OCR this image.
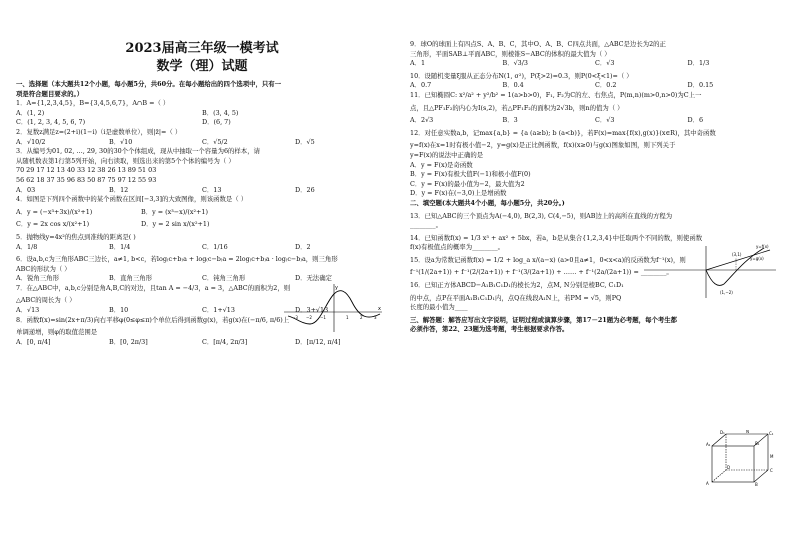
2023届高三年级一模考试
数学（理）试题
一、选择题（本大题共12个小题，每小题5分，共60分。在每小题给出的四个选项中，只有一
项是符合题目要求的。）
1．A={1,2,3,4,5}，B={3,4,5,6,7}，A∩B =（ ）
A．(1, 2)	B．(3, 4, 5)
C．(1, 2, 3, 4, 5, 6, 7)	D．(6, 7)
2．复数z满足z=(2+i)(1−i)（i是虚数单位），则|z̄|=（ ）
A．√10/2	B．√10	C．√5/2	D．√5
3．从编号为01, 02, …, 29, 30的30个个体组成，现从中抽取一个容量为6的样本，请
从随机数表第1行第5列开始，向右读取，则选出来的第5个个体的编号为（ ）
70 29 17 12 13 40 33 12 38 26 13 89 51 03
56 62 18 37 35 96 83 50 87 75 97 12 55 93
A．03	B．12	C．13	D．26
4．如图是下列四个函数中的某个函数在区间[−3,3]的大致图像，则该函数是（ ）
A．y = (−x³+3x)/(x²+1)	B．y = (x³−x)/(x²+1)
C．y = 2x cos x/(x²+1)	D．y = 2 sin x/(x²+1)
5．抛物线y=4x²的焦点到准线的距离是( )
A．1/8	B．1/4	C．1/16	D．2
6．设a,b,c为三角形ABC三边长，a≠1, b<c，若log₍c+b₎a + log₍c−b₎a = 2log₍c+b₎a · log₍c−b₎a，则三角形
ABC的形状为（ ）
A．锐角三角形	B．直角三角形	C．钝角三角形	D．无法确定
7．在△ABC中，a,b,c分别是角A,B,C的对边，且tan A = −4/3，a = 3，△ABC的面积为2，则
△ABC的周长为（ ）
A．√13	B．10	C．1+√13	D．3+√13
8．函数f(x)=sin(2x+π/3)向右平移φ(0≤φ≤π)个单位后得到函数g(x)，若g(x)在(−π/6, π/6)上
单调递增，则φ的取值范围是
A．[0, π/4]	B．[0, 2π/3]	C．[π/4, 2π/3]	D．[π/12, π/4]
9．球O的球面上有四点S、A、B、C，其中O、A、B、C四点共面，△ABC是边长为2的正
三角形，平面SAB⊥平面ABC，则棱锥S−ABC的体积的最大值为（ ）
A．1	B．√3/3	C．√3	D．1/3
10．设随机变量ξ服从正态分布N(1, σ²)，P(ξ>2)=0.3，则P(0<ξ<1)=（ ）
A．0.7	B．0.4	C．0.2	D．0.15
11．已知椭圆C: x²/a² + y²/b² = 1(a>b>0)，F₁, F₂为C的左、右焦点，P(m,n)(m>0,n>0)为C上一
点，且△PF₁F₂的内心为I(s,2)，若△PF₁F₂的面积为2√3b，则n的值为（ ）
A．2√3	B．3	C．√3	D．6
12．对任意实数a,b，记max{a,b} = {a (a≥b); b (a<b)}，若F(x)=max{f(x),g(x)}(x∈R)，其中奇函数
y=f(x)在x=1时有极小值−2，y=g(x)是正比例函数，f(x)(x≥0)与g(x)图象如图，则下列关于
y=F(x)的说法中正确的是
A．y = F(x)是奇函数
B．y = F(x)有极大值F(−1)和极小值F(0)
C．y = F(x)的最小值为−2，最大值为2
D．y = F(x)在(−3,0)上是增函数
二、填空题(本大题共4个小题，每小题5分，共20分。)
13．已知△ABC的三个顶点为A(−4,0), B(2,3), C(4,−5)，则AB边上的高所在直线的方程为
________。
14．已知函数f(x) = 1/3 x³ + ax² + 5bx，若a，b是从集合{1,2,3,4}中任取两个不同的数，则使函数
f(x)有极值点的概率为________。
15．设a为常数记函数f(x) = 1/2 + log_a x/(a−x) (a>0且a≠1，0<x<a)的反函数为f⁻¹(x)，则
f⁻¹(1/(2a+1)) + f⁻¹(2/(2a+1)) + f⁻¹(3/(2a+1)) + …… + f⁻¹(2a/(2a+1)) = ________。
16．已知正方体ABCD−A₁B₁C₁D₁的棱长为2，点M, N分别是棱BC, C₁D₁
的中点，点P在平面A₁B₁C₁D₁内，点Q在线段A₁N上，若PM = √5，则PQ
长度的最小值为____
三、解答题：解答应写出文字说明，证明过程或演算步骤，第17－21题为必考题，每个考生都
必须作答，第22、23题为选考题，考生根据要求作答。
y
x
−3 −2 −1	1	2	3
y=f(x)
y=g(x)
(3,1)
(1,−2)
D₁	C₁
A₁	B₁
D
C
A	B
N
M
